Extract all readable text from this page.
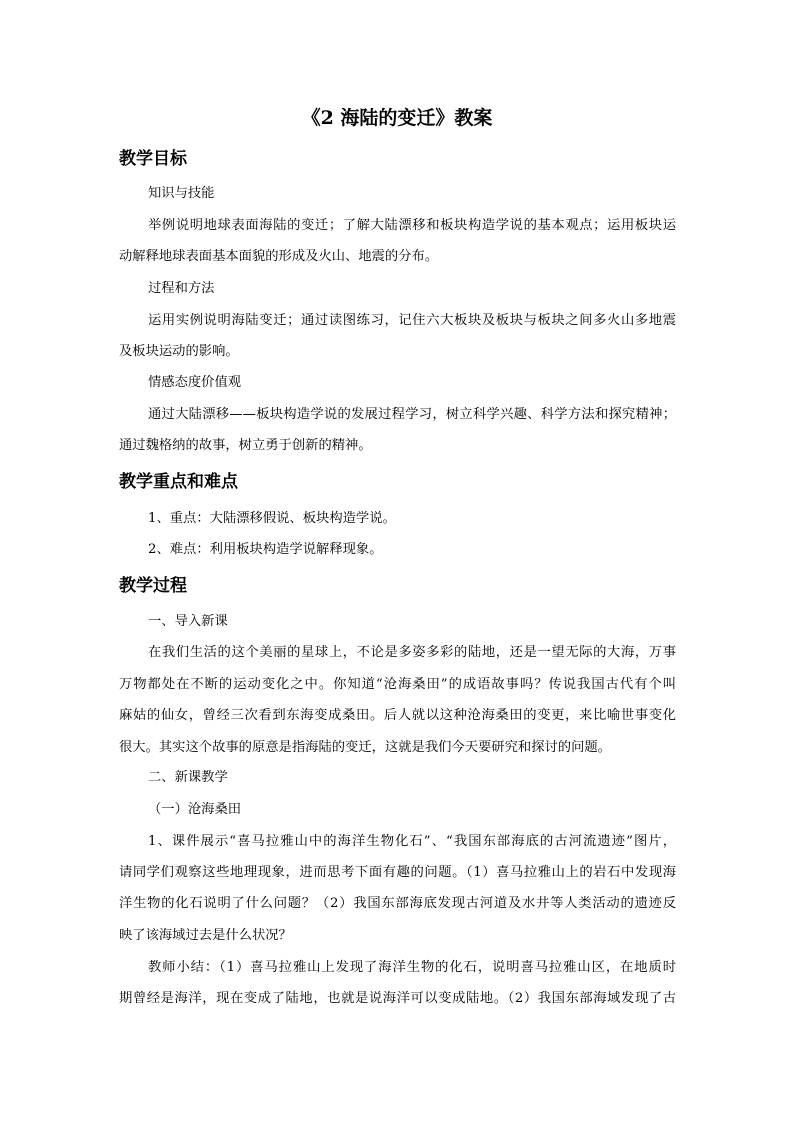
《2 海陆的变迁》教案
教学目标
知识与技能
举例说明地球表面海陆的变迁；了解大陆漂移和板块构造学说的基本观点；运用板块运
动解释地球表面基本面貌的形成及火山、地震的分布。
过程和方法
运用实例说明海陆变迁；通过读图练习，记住六大板块及板块与板块之间多火山多地震
及板块运动的影响。
情感态度价值观
通过大陆漂移——板块构造学说的发展过程学习，树立科学兴趣、科学方法和探究精神；
通过魏格纳的故事，树立勇于创新的精神。
教学重点和难点
1、重点：大陆漂移假说、板块构造学说。
2、难点：利用板块构造学说解释现象。
教学过程
一、导入新课
在我们生活的这个美丽的星球上，不论是多姿多彩的陆地，还是一望无际的大海，万事
万物都处在不断的运动变化之中。你知道“沧海桑田”的成语故事吗？传说我国古代有个叫
麻姑的仙女，曾经三次看到东海变成桑田。后人就以这种沧海桑田的变更，来比喻世事变化
很大。其实这个故事的原意是指海陆的变迁，这就是我们今天要研究和探讨的问题。
二、新课教学
（一）沧海桑田
1、课件展示“喜马拉雅山中的海洋生物化石”、“我国东部海底的古河流遗迹”图片，
请同学们观察这些地理现象，进而思考下面有趣的问题。（1）喜马拉雅山上的岩石中发现海
洋生物的化石说明了什么问题？（2）我国东部海底发现古河道及水井等人类活动的遗迹反
映了该海域过去是什么状况？
教师小结：（1）喜马拉雅山上发现了海洋生物的化石，说明喜马拉雅山区，在地质时
期曾经是海洋，现在变成了陆地，也就是说海洋可以变成陆地。（2）我国东部海域发现了古
